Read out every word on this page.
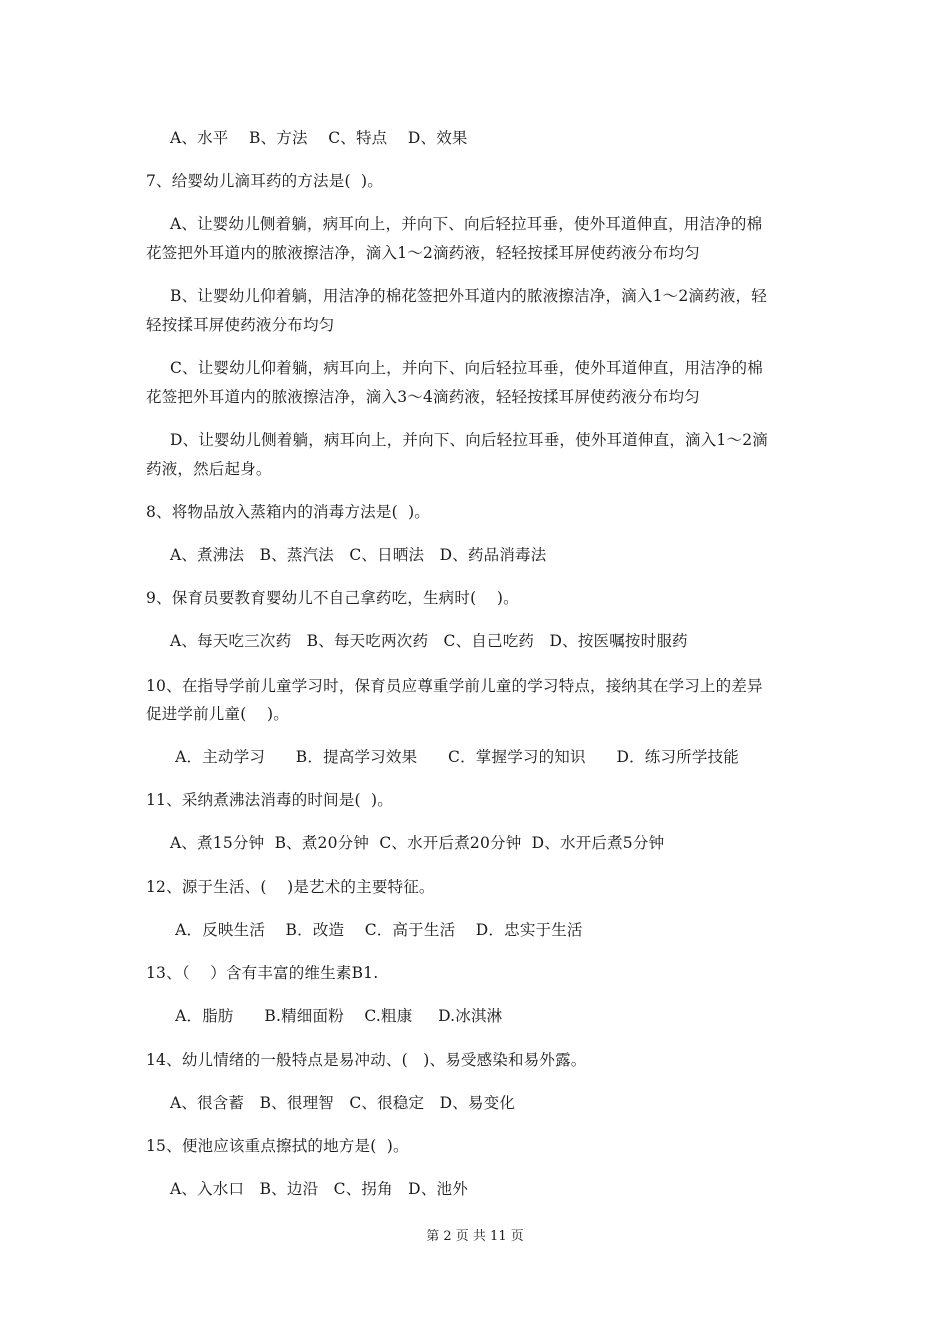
A、水平    B、方法    C、特点    D、效果
7、给婴幼儿滴耳药的方法是(  )。
A、让婴幼儿侧着躺，病耳向上，并向下、向后轻拉耳垂，使外耳道伸直，用洁净的棉
花签把外耳道内的脓液擦洁净，滴入1～2滴药液，轻轻按揉耳屏使药液分布均匀
B、让婴幼儿仰着躺，用洁净的棉花签把外耳道内的脓液擦洁净，滴入1～2滴药液，轻
轻按揉耳屏使药液分布均匀
C、让婴幼儿仰着躺，病耳向上，并向下、向后轻拉耳垂，使外耳道伸直，用洁净的棉
花签把外耳道内的脓液擦洁净，滴入3～4滴药液，轻轻按揉耳屏使药液分布均匀
D、让婴幼儿侧着躺，病耳向上，并向下、向后轻拉耳垂，使外耳道伸直，滴入1～2滴
药液，然后起身。
8、将物品放入蒸箱内的消毒方法是(  )。
A、煮沸法   B、蒸汽法   C、日晒法   D、药品消毒法
9、保育员要教育婴幼儿不自己拿药吃，生病时(    )。
A、每天吃三次药   B、每天吃两次药   C、自己吃药   D、按医嘱按时服药
10、在指导学前儿童学习时，保育员应尊重学前儿童的学习特点，接纳其在学习上的差异
促进学前儿童(    )。
A．主动学习      B．提高学习效果      C．掌握学习的知识      D．练习所学技能
11、采纳煮沸法消毒的时间是(  )。
A、煮15分钟  B、煮20分钟  C、水开后煮20分钟  D、水开后煮5分钟
12、源于生活、(    )是艺术的主要特征。
A．反映生活    B．改造    C．高于生活    D．忠实于生活
13、（    ）含有丰富的维生素B1.
A．脂肪      B.精细面粉    C.粗康     D.冰淇淋
14、幼儿情绪的一般特点是易冲动、(   )、易受感染和易外露。
A、很含蓄   B、很理智   C、很稳定   D、易变化
15、便池应该重点擦拭的地方是(  )。
A、入水口   B、边沿   C、拐角   D、池外
第 2 页 共 11 页
